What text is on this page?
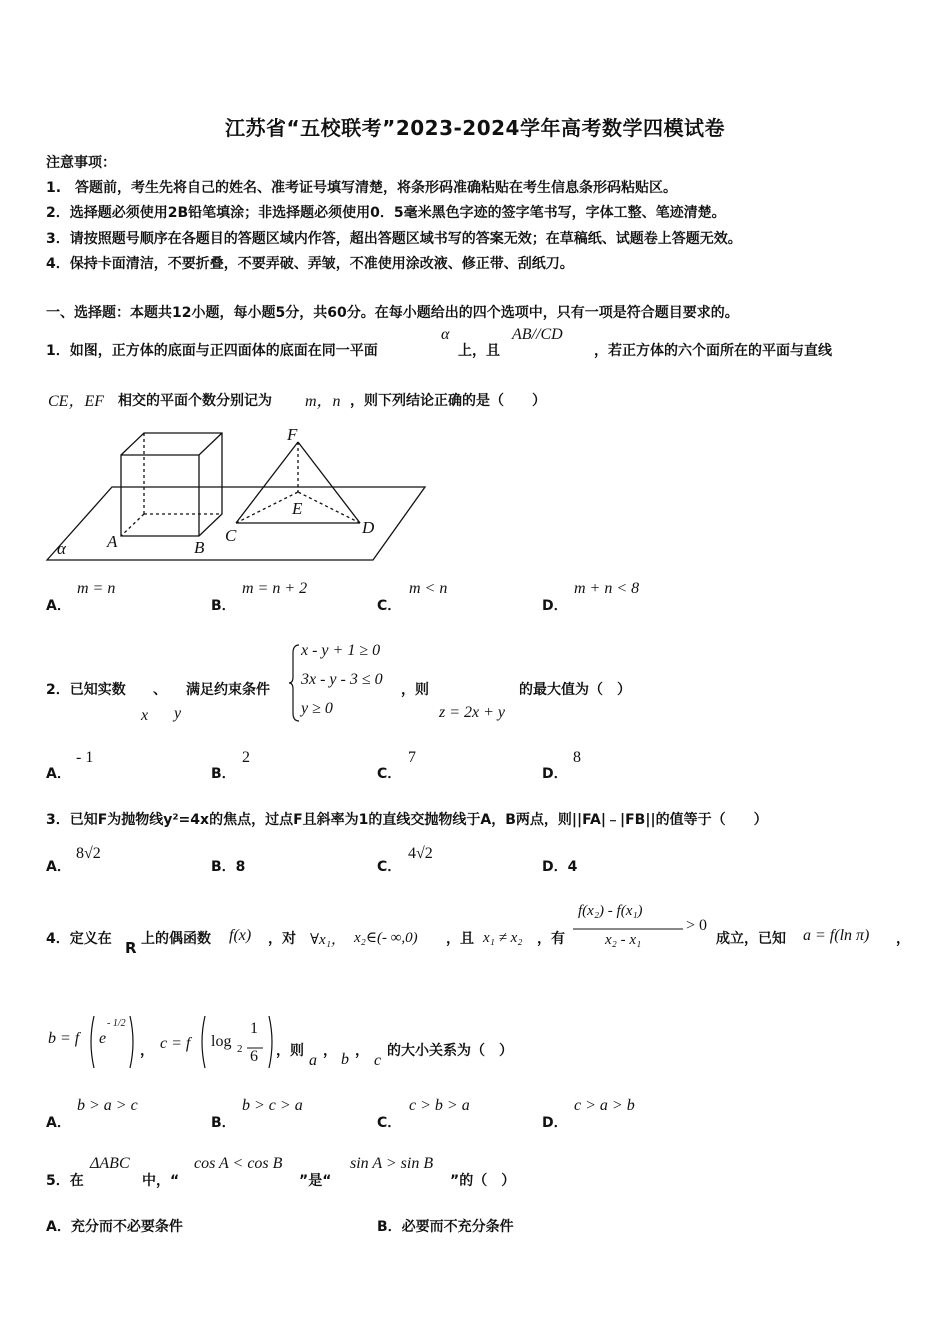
江苏省“五校联考”2023-2024学年高考数学四模试卷
注意事项：
1.　答题前，考生先将自己的姓名、准考证号填写清楚，将条形码准确粘贴在考生信息条形码粘贴区。
2．选择题必须使用2B铅笔填涂；非选择题必须使用0．5毫米黑色字迹的签字笔书写，字体工整、笔迹清楚。
3．请按照题号顺序在各题目的答题区域内作答，超出答题区域书写的答案无效；在草稿纸、试题卷上答题无效。
4．保持卡面清洁，不要折叠，不要弄破、弄皱，不准使用涂改液、修正带、刮纸刀。
一、选择题：本题共12小题，每小题5分，共60分。在每小题给出的四个选项中，只有一项是符合题目要求的。
1．如图，正方体的底面与正四面体的底面在同一平面
α
上，且
AB//CD
，若正方体的六个面所在的平面与直线
CE，EF 相交的平面个数分别记为 m，n ，则下列结论正确的是（　　）
F
E
A	B
C	D
α
A．
m = n
B．
m = n + 2
C．
m < n
D．
m + n < 8
2．已知实数 、 满足约束条件
x y
x - y + 1 ≥ 0
3x - y - 3 ≤ 0
y ≥ 0
，则
z = 2x + y
的最大值为（　）
A．
- 1
B．
2
C．
7
D．
8
3．已知F为抛物线y²=4x的焦点，过点F且斜率为1的直线交抛物线于A，B两点，则||FA|﹣|FB||的值等于（　　）
A．
8√2
B．8	C．
4√2
D．4
4．定义在 R 上的偶函数 f(x) ，对 ∀x₁， x₂∈(- ∞,0) ，且 x₁ ≠ x₂ ，有
f(x₂) - f(x₁)
x₂ - x₁
> 0
成立，已知 a = f(ln π) ，
b = f e
- 1/2
， c = f log 2
1
6 ，则
a
， b ，
c
的大小关系为（　）
A．
b > a > c
B．
b > c > a
C．
c > b > a
D．
c > a > b
5．在
ΔABC
中，“
cos A < cos B
”是“
sin A > sin B
”的（　）
A．充分而不必要条件	B．必要而不充分条件
